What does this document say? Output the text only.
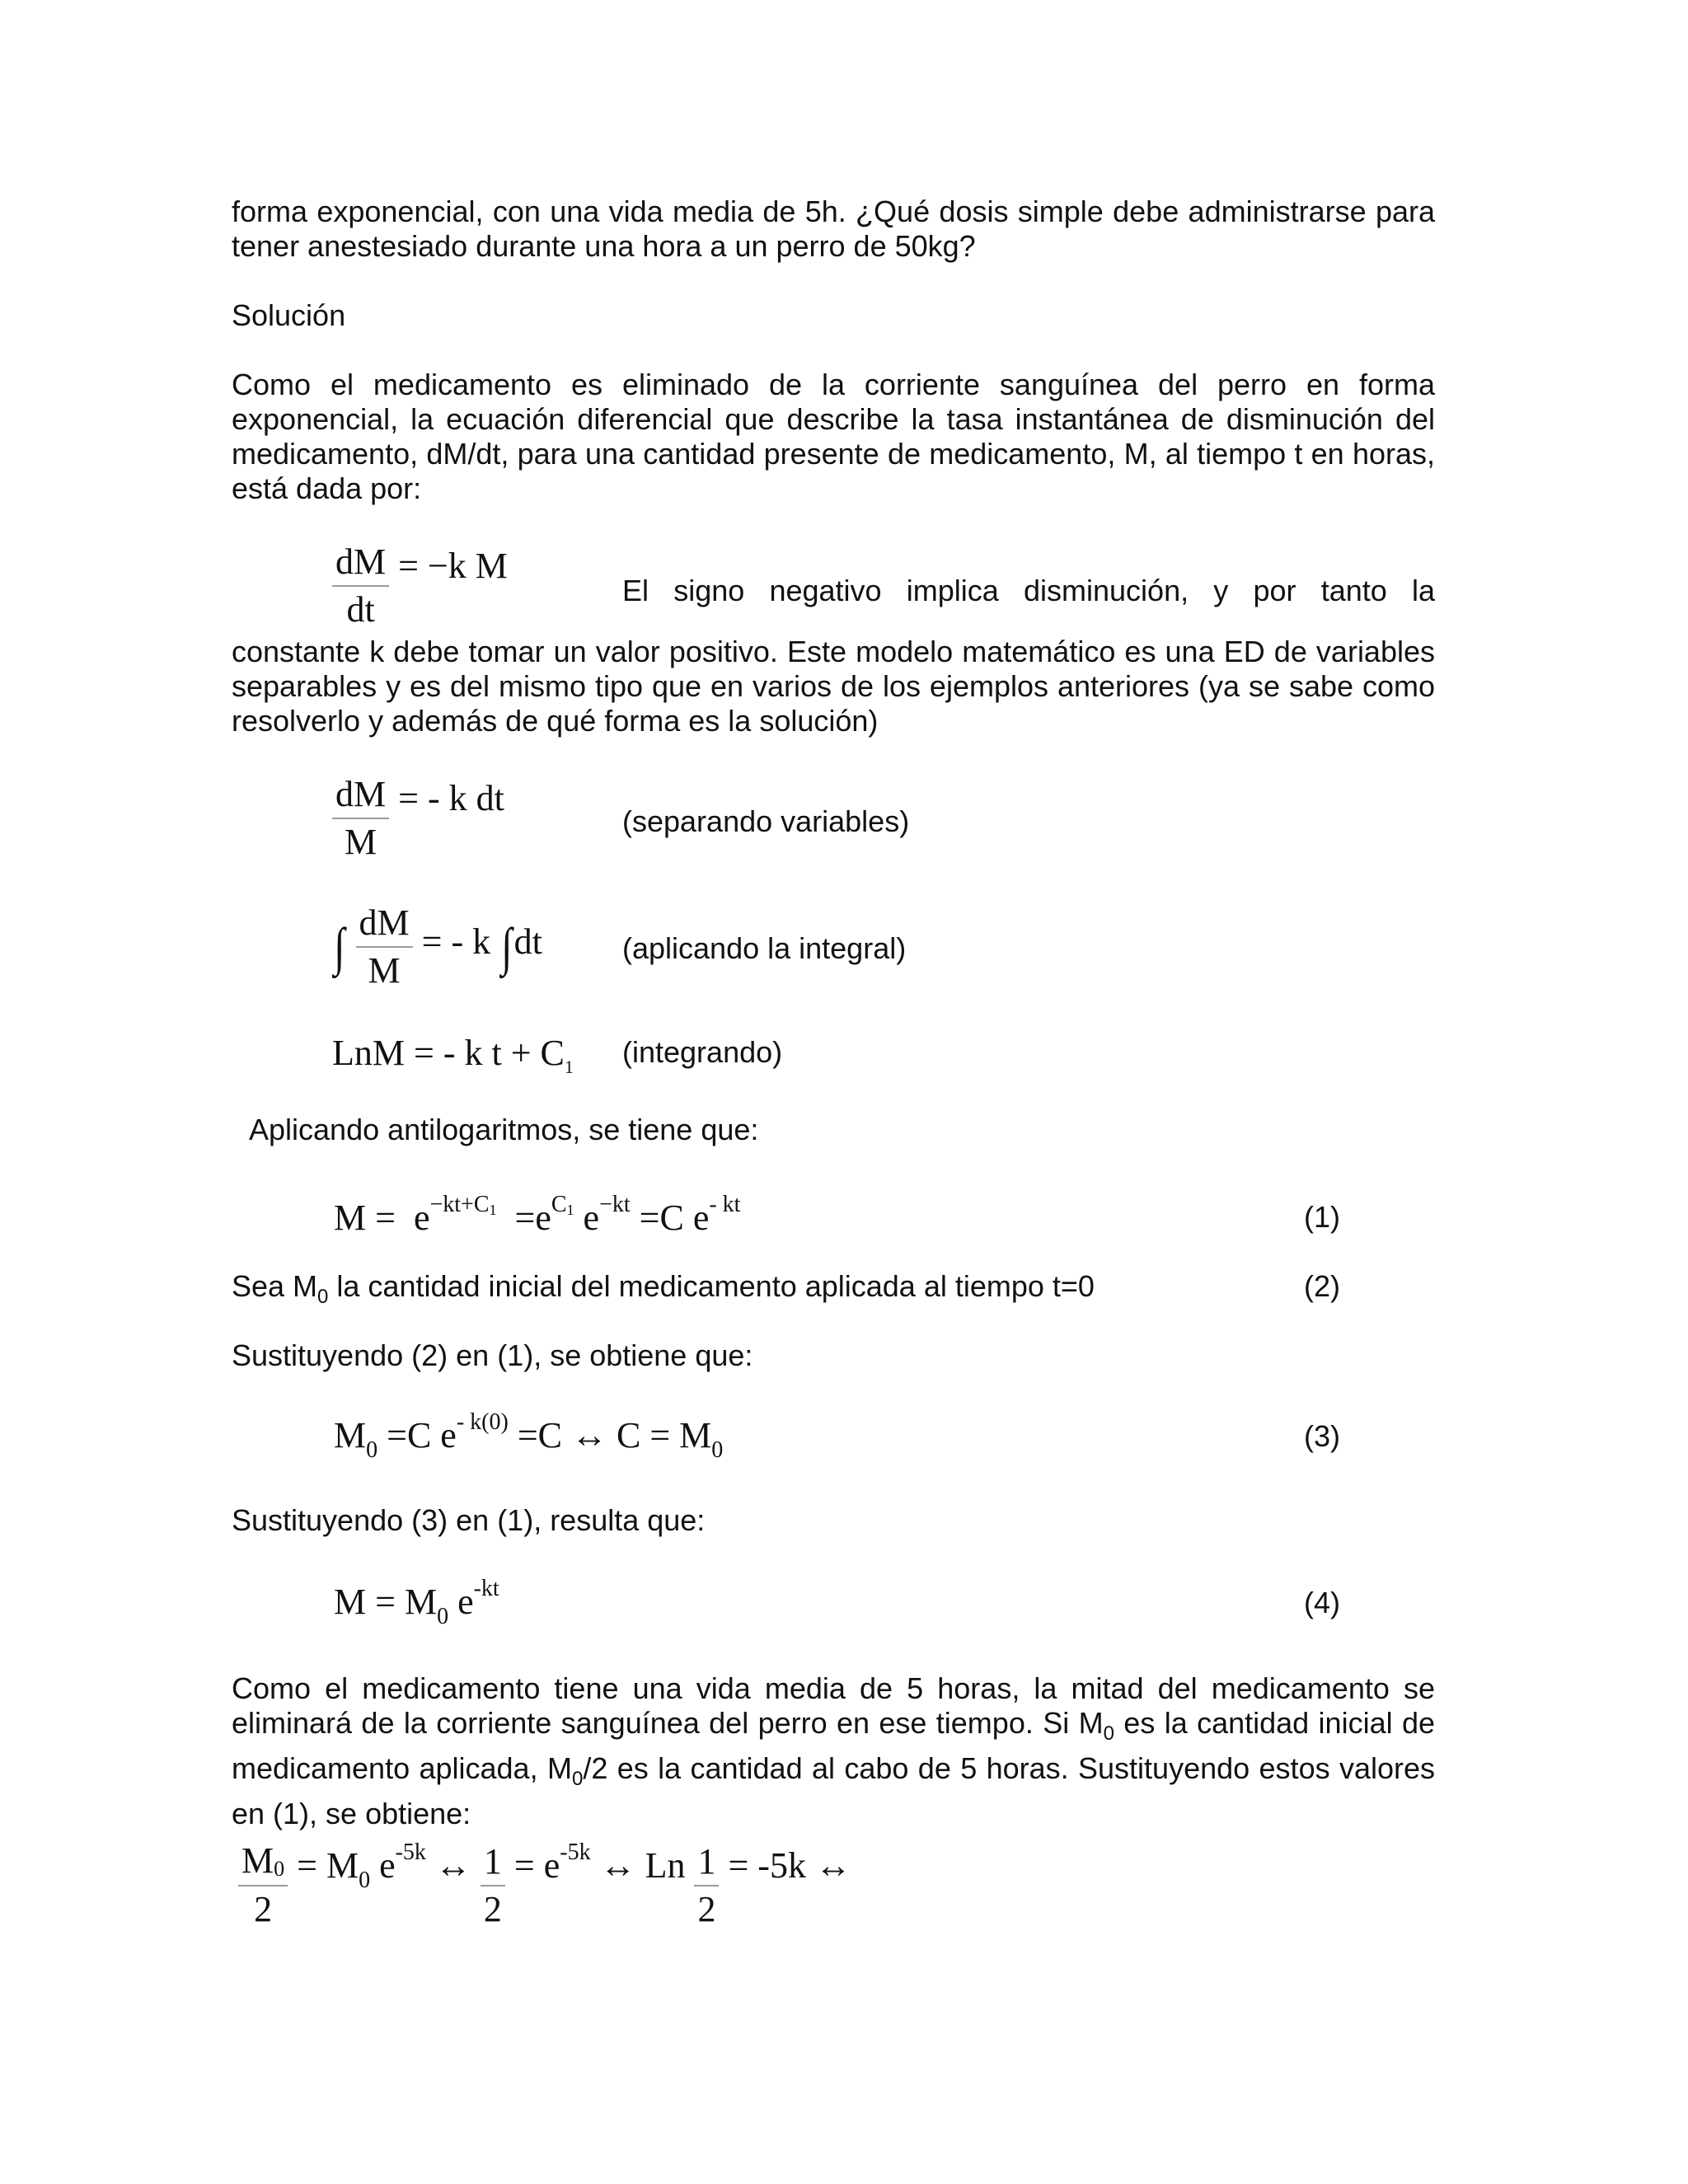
forma exponencial, con una vida media de 5h. ¿Qué dosis simple debe administrarse para tener anestesiado durante una hora a un perro de 50kg?
Solución
Como el medicamento es eliminado de la corriente sanguínea del perro en forma exponencial, la ecuación diferencial que describe la tasa instantánea de disminución del medicamento, dM/dt, para una cantidad presente de medicamento, M, al tiempo t en horas, está dada por:
$\frac{dM}{dt} = -k$ M
El signo negativo implica disminución, y por tanto la
constante k debe tomar un valor positivo. Este modelo matemático es una ED de variables separables y es del mismo tipo que en varios de los ejemplos anteriores (ya se sabe como resolverlo y además de qué forma es la solución)
$\frac{dM}{M}$ = - k dt
(separando variables)
∫ $\frac{dM}{M}$ = - k ∫dt	(aplicando la integral)
LnM = - k $t + C_1$ (integrando)
Aplicando antilogaritmos, se tiene que:
$M = e^{-kt+C1} =e^{C1}$ $e^{-kt} =C$ $e^{- kt}$	(1)
Sea $M_0$ la cantidad inicial del medicamento aplicada al tiempo t=0	(2)
Sustituyendo (2) en (1), se obtiene que:
$M_0 =C$ $e^{- k(0)} =C$ ↔ $C = M_0$	(3)
Sustituyendo (3) en (1), resulta que:
$M = M_0$ $e^{-kt}$	(4)
Como el medicamento tiene una vida media de 5 horas, la mitad del medicamento se eliminará de la corriente sanguínea del perro en ese tiempo. Si $M_0$ es la cantidad inicial de medicamento aplicada, $M_0/2$ es la cantidad al cabo de 5 horas. Sustituyendo estos valores en (1), se obtiene:
$\frac{M0}{2} = M_0$ $e^{-5k}$ ↔ $\frac{1}{2} = e^{-5k}$ ↔ Ln $\frac{1}{2} = -5k$ ↔
